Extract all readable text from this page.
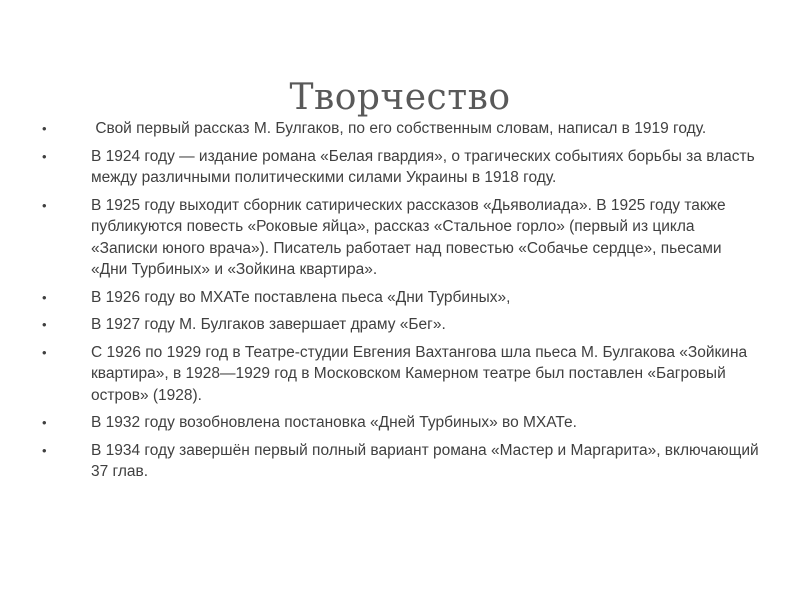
Творчество
•	Свой первый рассказ М. Булгаков, по его собственным словам, написал в 1919 году.
•	В 1924 году — издание романа «Белая гвардия», о трагических событиях борьбы за власть между различными политическими силами Украины в 1918 году.
•	В 1925 году выходит сборник сатирических рассказов «Дьяволиада». В 1925 году также публикуются повесть «Роковые яйца», рассказ «Стальное горло» (первый из цикла «Записки юного врача»). Писатель работает над повестью «Собачье сердце», пьесами «Дни Турбиных» и «Зойкина квартира».
•	В 1926 году во МХАТе поставлена пьеса «Дни Турбиных»,
•	В 1927 году М. Булгаков завершает драму «Бег».
•	С 1926 по 1929 год в Театре-студии Евгения Вахтангова шла пьеса М. Булгакова «Зойкина квартира», в 1928—1929 год в Московском Камерном театре был поставлен «Багровый остров» (1928).
•	В 1932 году возобновлена постановка «Дней Турбиных» во МХАТе.
•	В 1934 году завершён первый полный вариант романа «Мастер и Маргарита», включающий 37 глав.
